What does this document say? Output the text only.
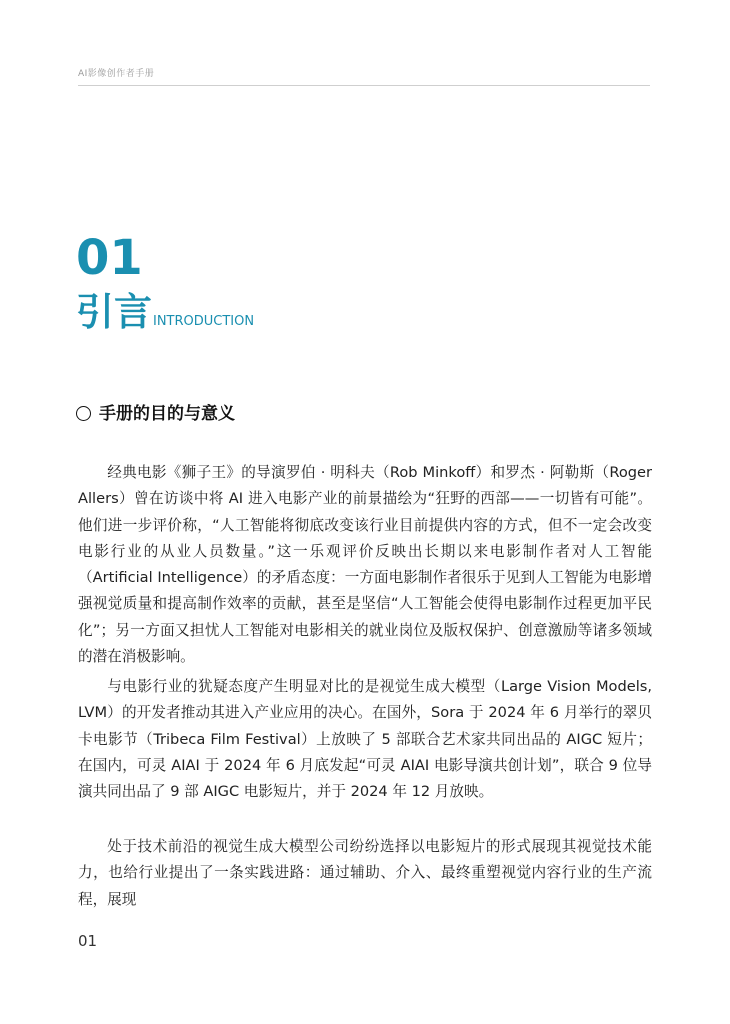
AI影像创作者手册
01
引言 INTRODUCTION
手册的目的与意义

经典电影《狮子王》的导演罗伯 · 明科夫（Rob Minkoff）和罗杰 · 阿勒斯（Roger Allers）曾在访谈中将 AI 进入电影产业的前景描绘为“狂野的西部——一切皆有可能”。他们进一步评价称，“人工智能将彻底改变该行业目前提供内容的方式，但不一定会改变电影行业的从业人员数量。”这一乐观评价反映出长期以来电影制作者对人工智能（Artificial Intelligence）的矛盾态度：一方面电影制作者很乐于见到人工智能为电影增强视觉质量和提高制作效率的贡献，甚至是坚信“人工智能会使得电影制作过程更加平民化”；另一方面又担忧人工智能对电影相关的就业岗位及版权保护、创意激励等诸多领域的潜在消极影响。

与电影行业的犹疑态度产生明显对比的是视觉生成大模型（Large Vision Models, LVM）的开发者推动其进入产业应用的决心。在国外，Sora 于 2024 年 6 月举行的翠贝卡电影节（Tribeca Film Festival）上放映了 5 部联合艺术家共同出品的 AIGC 短片；在国内，可灵 AIAI 于 2024 年 6 月底发起“可灵 AIAI 电影导演共创计划”，联合 9 位导演共同出品了 9 部 AIGC 电影短片，并于 2024 年 12 月放映。

处于技术前沿的视觉生成大模型公司纷纷选择以电影短片的形式展现其视觉技术能力，也给行业提出了一条实践进路：通过辅助、介入、最终重塑视觉内容行业的生产流程，展现

01
